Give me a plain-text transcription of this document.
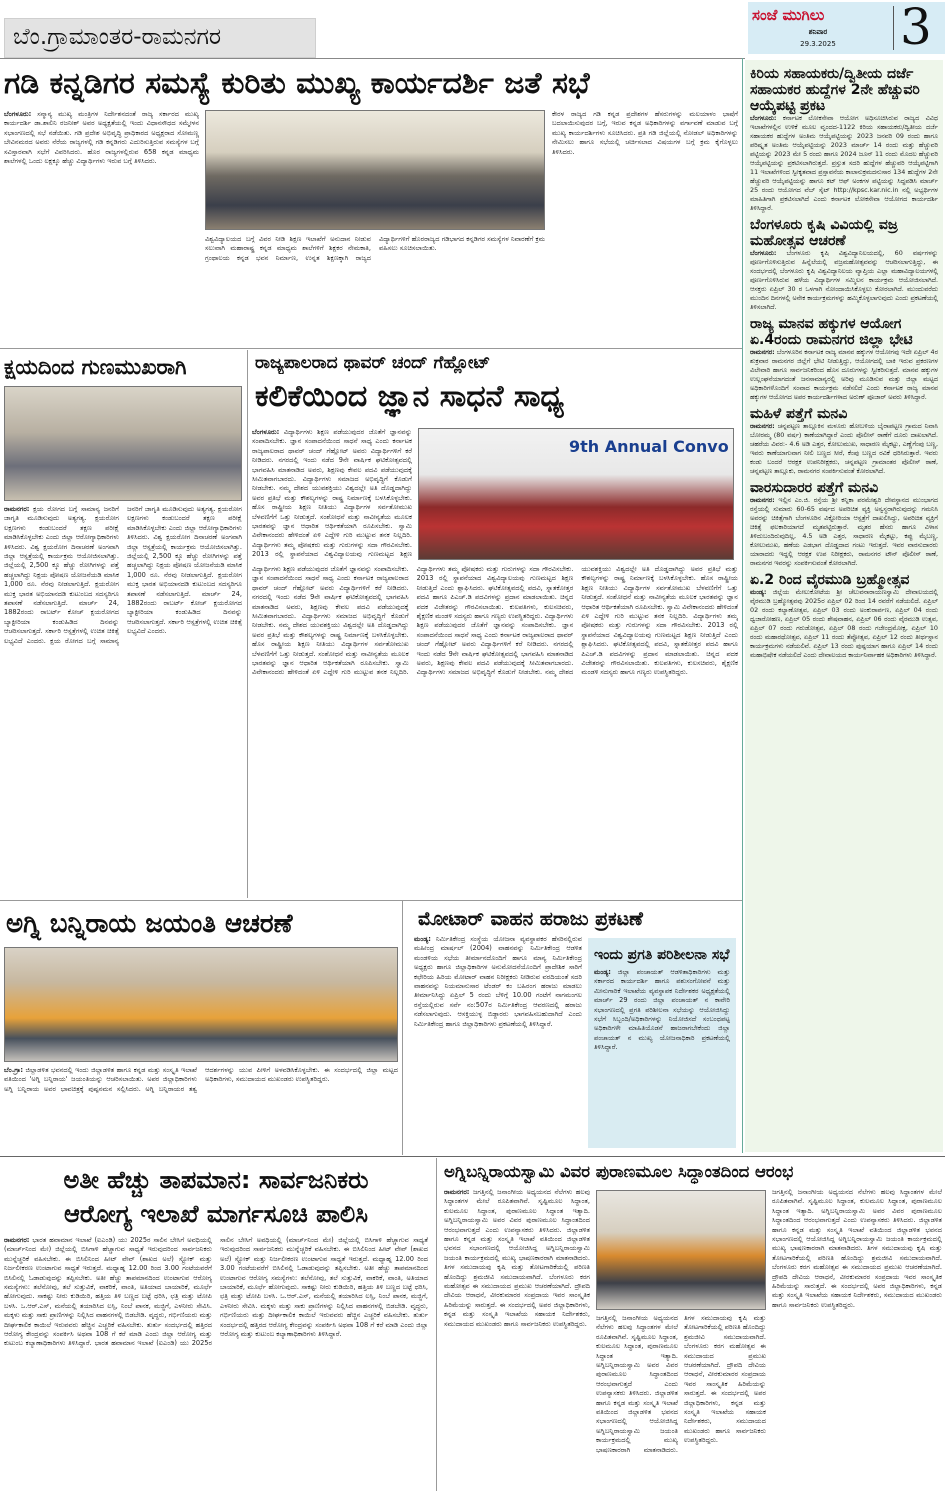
ಬೆಂ.ಗ್ರಾಮಾಂತರ-ರಾಮನಗರ
ಸಂಜೆ ಮುಗಿಲು
ಶನಿವಾರ
29.3.2025	3
ಗಡಿ ಕನ್ನಡಿಗರ ಸಮಸ್ಯೆ ಕುರಿತು ಮುಖ್ಯ ಕಾರ್ಯದರ್ಶಿ ಜತೆ ಸಭೆ
ಬೆಂಗಳೂರು: ಸನ್ಮಾನ್ಯ ಮುಖ್ಯ ಮಂತ್ರಿಗಳ ನಿರ್ದೇಶನದಂತೆ ರಾಜ್ಯ ಸರ್ಕಾರದ ಮುಖ್ಯ ಕಾರ್ಯದರ್ಶಿ ಡಾ.ಶಾಲಿನಿ ರಜನೀಶ್ ಅವರ ಅಧ್ಯಕ್ಷತೆಯಲ್ಲಿ ಇಂದು ವಿಧಾನಸೌಧದ ಸಮ್ಮೇಳನ ಸಭಾಂಗಣದಲ್ಲಿ ಸಭೆ ನಡೆಯಿತು. ಗಡಿ ಪ್ರದೇಶ ಅಭಿವೃದ್ಧಿ ಪ್ರಾಧಿಕಾರದ ಅಧ್ಯಕ್ಷರಾದ ಸೋಮಣ್ಣ ಬೇವಿನಮರದ ಅವರು ನೆರೆಯ ರಾಜ್ಯಗಳಲ್ಲಿ ಗಡಿ ಕನ್ನಡಿಗರು ಎದುರಿಸುತ್ತಿರುವ ಸಮಸ್ಯೆಗಳ ಬಗ್ಗೆ ಸವಿಸ್ತಾರವಾಗಿ ಸಭೆಗೆ ವಿವರಿಸಿದರು. ಹೊರ ರಾಜ್ಯಗಳಲ್ಲಿರುವ 658 ಕನ್ನಡ ಮಾಧ್ಯಮ ಶಾಲೆಗಳಲ್ಲಿ ಒಂದು ಲಕ್ಷಕ್ಕೂ ಹೆಚ್ಚು ವಿದ್ಯಾರ್ಥಿಗಳು ಇರುವ ಬಗ್ಗೆ ತಿಳಿಸಿದರು.
ವಿಶ್ವವಿದ್ಯಾಲಯದ ಬಗ್ಗೆ ವಿವರ ನೀಡಿ ಶಿಕ್ಷಣ ಇಲಾಖೆಗೆ ಅನುದಾನ ನೀಡುವ ಸಲುವಾಗಿ ಮಹಾರಾಷ್ಟ್ರ ಕನ್ನಡ ಮಾಧ್ಯಮ ಶಾಲೆಗಳಿಗೆ ಶಿಕ್ಷಕರ ನೇಮಕಾತಿ, ಗ್ರಂಥಾಲಯ ಕನ್ನಡ ಭವನ ನಿರ್ಮಾಣ, ಉನ್ನತ ಶಿಕ್ಷಣಕ್ಕಾಗಿ ರಾಜ್ಯದ ವಿದ್ಯಾರ್ಥಿಗಳಿಗೆ ಹೊರರಾಜ್ಯದ ಗಡಿಭಾಗದ ಕನ್ನಡಿಗರ ಸಮಸ್ಯೆಗಳ ನಿವಾರಣೆಗೆ ಕ್ರಮ ವಹಿಸಲು ಸೂಚಿಸಲಾಯಿತು.
ಕೇರಳ ರಾಜ್ಯದ ಗಡಿ ಕನ್ನಡ ಪ್ರದೇಶಗಳ ಹೆಸರುಗಳನ್ನು ಮಲಯಾಳಂ ಭಾಷೆಗೆ ಬದಲಾಯಿಸುವುದರ ಬಗ್ಗೆ, ಇರುವ ಕನ್ನಡ ಅಧಿಕಾರಿಗಳನ್ನು ವರ್ಗಾವಣೆ ಮಾಡುವ ಬಗ್ಗೆ ಮುಖ್ಯ ಕಾರ್ಯದರ್ಶಿಗಳು ಸೂಚಿಸಿದರು. ಪ್ರತಿ ಗಡಿ ಜಿಲ್ಲೆಯಲ್ಲಿ ನೋಡಲ್ ಅಧಿಕಾರಿಗಳನ್ನು ನೇಮಿಸಲು ಹಾಗೂ ಸಭೆಯಲ್ಲಿ ಚರ್ಚಿಸಲಾದ ವಿಷಯಗಳ ಬಗ್ಗೆ ಕ್ರಮ ಕೈಗೊಳ್ಳಲು ತಿಳಿಸಿದರು.
ಕಿರಿಯ ಸಹಾಯಕರು/ದ್ವಿತೀಯ ದರ್ಜೆ ಸಹಾಯಕರ ಹುದ್ದೆಗಳ 2ನೇ ಹೆಚ್ಚುವರಿ ಆಯ್ಕೆಪಟ್ಟಿ ಪ್ರಕಟ

ಬೆಂಗಳೂರು: ಕರ್ನಾಟಕ ಲೋಕಸೇವಾ ಆಯೋಗ ಅಧಿಸೂಚಿಸಿರುವ ರಾಜ್ಯದ ವಿವಿಧ ಇಲಾಖೆಗಳಲ್ಲಿನ ಉಳಿಕೆ ಮೂಲ ವೃಂದದ-1122 ಕಿರಿಯ ಸಹಾಯಕರು/ದ್ವಿತೀಯ ದರ್ಜೆ ಸಹಾಯಕರ ಹುದ್ದೆಗಳ ಅಂತಿಮ ಆಯ್ಕೆಪಟ್ಟಿಯನ್ನು 2023 ಜನವರಿ 09 ರಂದು ಹಾಗೂ ಪರಿಷ್ಕೃತ ಅಂತಿಮ ಆಯ್ಕೆಪಟ್ಟಿಯನ್ನು 2023 ಮಾರ್ಚ್ 14 ರಂದು ಮತ್ತು ಹೆಚ್ಚುವರಿ ಪಟ್ಟಿಯನ್ನು 2023 ಮೇ 5 ರಂದು ಹಾಗೂ 2024 ಜೂನ್ 11 ರಂದು ಮೊದಲ ಹೆಚ್ಚುವರಿ ಆಯ್ಕೆಪಟ್ಟಿಯನ್ನು ಪ್ರಕಟಿಸಲಾಗಿರುತ್ತದೆ. ಪ್ರಸ್ತುತ ಸದರಿ ಹುದ್ದೆಗಳ ಹೆಚ್ಚುವರಿ ಆಯ್ಕೆಪಟ್ಟಿಗಾಗಿ 11 ಇಲಾಖೆಗಳಿಂದ ಸ್ವೀಕೃತವಾದ ಪ್ರಸ್ತಾವನೆಯ ಕಾಲಾನುಕ್ರಮದನುಸಾರ 134 ಹುದ್ದೆಗಳ 2ನೇ ಹೆಚ್ಚುವರಿ ಆಯ್ಕೆಪಟ್ಟಿಯನ್ನು ಹಾಗೂ ಕಟ್ ಆಫ್ ಅಂಕಗಳ ಪಟ್ಟಿಯನ್ನು ಸಿದ್ಧಪಡಿಸಿ ಮಾರ್ಚ್ 25 ರಂದು ಆಯೋಗದ ವೆಬ್ ಸೈಟ್ http://kpsc.kar.nic.in ನಲ್ಲಿ ಅಭ್ಯರ್ಥಿಗಳ ಮಾಹಿತಿಗಾಗಿ ಪ್ರಕಟಿಸಲಾಗಿದೆ ಎಂದು ಕರ್ನಾಟಕ ಲೋಕಸೇವಾ ಆಯೋಗದ ಕಾರ್ಯದರ್ಶಿ ತಿಳಿಸಿದ್ದಾರೆ.

ಬೆಂಗಳೂರು ಕೃಷಿ ವಿವಿಯಲ್ಲಿ ವಜ್ರ ಮಹೋತ್ಸವ ಆಚರಣೆ

ಬೆಂಗಳೂರು: ಬೆಂಗಳೂರು ಕೃಷಿ ವಿಶ್ವವಿದ್ಯಾನಿಲಯದಲ್ಲಿ, 60 ವರ್ಷಗಳನ್ನು ಪೂರ್ಣಗೊಳಿಸುತ್ತಿರುವ ಹಿನ್ನೆಲೆಯಲ್ಲಿ ವಜ್ರಮಹೋತ್ಸವವನ್ನು ಆಚರಿಸಲಾಗುತ್ತಿದ್ದು, ಈ ಸಂದರ್ಭದಲ್ಲಿ ಬೆಂಗಳೂರು ಕೃಷಿ ವಿಶ್ವವಿದ್ಯಾನಿಲಯ ವ್ಯಾಪ್ತಿಯ ಎಲ್ಲಾ ಮಹಾವಿದ್ಯಾಲಯಗಳಲ್ಲಿ ಪೂರ್ಣಗೊಳಿಸಿರುವ ಹಳೆಯ ವಿದ್ಯಾರ್ಥಿಗಳ ಸಮ್ಮಿಲನ ಕಾರ್ಯಕ್ರಮ ಆಯೋಜಿಸಲಾಗಿದೆ. ಆಸಕ್ತರು ಏಪ್ರಿಲ್ 30 ರ ಒಳಗಾಗಿ ನೋಂದಾಯಿಸಿಕೊಳ್ಳಲು ಕೋರಲಾಗಿದೆ. ಮುಂದುವರೆದು ಮುಂದಿನ ದಿನಗಳಲ್ಲಿ ಅನೇಕ ಕಾರ್ಯಕ್ರಮಗಳನ್ನು ಹಮ್ಮಿಕೊಳ್ಳಲಾಗುವುದು ಎಂದು ಪ್ರಕಟಣೆಯಲ್ಲಿ ತಿಳಿಸಲಾಗಿದೆ.

ರಾಜ್ಯ ಮಾನವ ಹಕ್ಕುಗಳ ಆಯೋಗ ಏ.4ರಂದು ರಾಮನಗರ ಜಿಲ್ಲಾ ಭೇಟಿ

ರಾಮನಗರ: ಬೆಂಗಳೂರಿನ ಕರ್ನಾಟಕ ರಾಜ್ಯ ಮಾನವ ಹಕ್ಕುಗಳ ಆಯೋಗವು ಇದೇ ಏಪ್ರಿಲ್ 4ರ ಶುಕ್ರವಾರ ರಾಮನಗರ ಜಿಲ್ಲೆಗೆ ಭೇಟಿ ನೀಡುತ್ತಿದ್ದು, ಆಯೋಗದಲ್ಲಿ ಬಾಕಿ ಇರುವ ಪ್ರಕರಣಗಳ ವಿಲೇವಾರಿ ಹಾಗೂ ಸಾರ್ವಜನಿಕರಿಂದ ಹೊಸ ದೂರುಗಳನ್ನು ಸ್ವೀಕರಿಸುತ್ತದೆ. ಮಾನವ ಹಕ್ಕುಗಳ ಉಲ್ಲಂಘನೆಯಾಗದಂತೆ ಜನಸಾಮಾನ್ಯರಲ್ಲಿ ಅರಿವು ಮೂಡಿಸುವ ಮತ್ತು ಜಿಲ್ಲಾ ಮಟ್ಟದ ಅಧಿಕಾರಿಗಳೊಂದಿಗೆ ಸಂವಾದ ಕಾರ್ಯಕ್ರಮ ನಡೆಸಲಿದೆ ಎಂದು ಕರ್ನಾಟಕ ರಾಜ್ಯ ಮಾನವ ಹಕ್ಕುಗಳ ಆಯೋಗದ ಅಪರ ಕಾರ್ಯದರ್ಶಿಗಳಾದ ಅರುಣ್ ಪೂಜಾರ್ ಅವರು ತಿಳಿಸಿದ್ದಾರೆ.

ಮಹಿಳೆ ಪತ್ತೆಗೆ ಮನವಿ

ರಾಮನಗರ: ಚನ್ನಪಟ್ಟಣ ತಾಲ್ಲೂಕಿನ ಮಳೂರು ಹೋಬಳಿಯ ಬೈರಾಪಟ್ಟಣ ಗ್ರಾಮದ ನಿವಾಸಿ ಬೋರಮ್ಮ (80 ವರ್ಷ) ಕಾಣೆಯಾಗಿದ್ದಾರೆ ಎಂದು ಪೊಲೀಸ್ ಠಾಣೆಗೆ ದೂರು ದಾಖಲಾಗಿದೆ. ಚಹರೆಯ ವಿವರ:- 4.6 ಅಡಿ ಎತ್ತರ, ಕೋಲುಮುಖ, ಸಾಧಾರಣ ಮೈಕಟ್ಟು, ಎಣ್ಣೆಗೆಂಪು ಬಣ್ಣ, ಇವರು ಕಾಣೆಯಾಗುವಾಗ ನೀಲಿ ಬಣ್ಣದ ಸೀರೆ, ಕೆಂಪು ಬಣ್ಣದ ರವಿಕೆ ಧರಿಸಿರುತ್ತಾರೆ. ಇವರು ಕಂಡು ಬಂದರೆ ಆರಕ್ಷಕ ಉಪನಿರೀಕ್ಷಕರು, ಚನ್ನಪಟ್ಟಣ ಗ್ರಾಮಾಂತರ ಪೊಲೀಸ್ ಠಾಣೆ, ಚನ್ನಪಟ್ಟಣ ತಾಲ್ಲೂಕು, ರಾಮನಗರ ಸಂಪರ್ಕಿಸುವಂತೆ ಕೋರಲಾಗಿದೆ.

ವಾರಸುದಾರರ ಪತ್ತೆಗೆ ಮನವಿ

ರಾಮನಗರ: ಇಲ್ಲಿನ ಎಂ.ಜಿ. ರಸ್ತೆಯ ಶ್ರೀ ಕನ್ನಿಕಾ ಪರಮೇಶ್ವರಿ ದೇವಸ್ಥಾನದ ಮುಂಭಾಗದ ರಸ್ತೆಯಲ್ಲಿ ಸುಮಾರು 60-65 ವರ್ಷದ ಅಪರಿಚಿತ ವ್ಯಕ್ತಿ ಅಸ್ವಸ್ಥರಾಗಿರುವುದನ್ನು ಗಮನಿಸಿ ಅವರನ್ನು ಚಿಕಿತ್ಸೆಗಾಗಿ ಬೆಂಗಳೂರಿನ ವಿಕ್ಟೋರಿಯಾ ಆಸ್ಪತ್ರೆಗೆ ದಾಖಲಿಸಿದ್ದು, ಅಪರಿಚಿತ ವ್ಯಕ್ತಿಗೆ ಚಿಕಿತ್ಸೆ ಫಲಕಾರಿಯಾಗದೆ ಮೃತಪಟ್ಟಿರುತ್ತಾರೆ. ಮೃತರ ಹೆಸರು ಹಾಗೂ ವಿಳಾಸ ತಿಳಿದುಬಂದಿರುವುದಿಲ್ಲ, 4.5 ಅಡಿ ಎತ್ತರ, ಸಾಧಾರಣ ಮೈಕಟ್ಟು, ಕಪ್ಪು ಮೈಬಣ್ಣ, ಕೋಲುಮುಖ, ಹಣೆಯ ಎಡಭಾಗ ದೊಡ್ಡದಾದ ಗಂಟು ಇರುತ್ತದೆ. ಇವರ ವಾರಸುದಾರರು ಯಾರಾದರು ಇದ್ದಲ್ಲಿ ಆರಕ್ಷಕ ಉಪ ನಿರೀಕ್ಷಕರು, ರಾಮನಗರ ಟೌನ್ ಪೊಲೀಸ್ ಠಾಣೆ, ರಾಮನಗರ ಇವರನ್ನು ಸಂಪರ್ಕಿಸುವಂತೆ ಕೋರಲಾಗಿದೆ.

ಏ.2 ರಿಂದ ವೈರಮುಡಿ ಬ್ರಹ್ಮೋತ್ಸವ

ಮಂಡ್ಯ: ಜಿಲ್ಲೆಯ ಮೇಲುಕೋಟೆಯ ಶ್ರೀ ಚೆಲುವನಾರಾಯಣಸ್ವಾಮಿ ದೇವಾಲಯದಲ್ಲಿ ವೈರಮುಡಿ ಬ್ರಹ್ಮೋತ್ಸವವು 2025ರ ಏಪ್ರಿಲ್ 02 ರಿಂದ 14 ರವರೆಗೆ ನಡೆಯಲಿದೆ. ಏಪ್ರಿಲ್ 02 ರಂದು ಕಲ್ಯಾಣೋತ್ಸವ, ಏಪ್ರಿಲ್ 03 ರಂದು ಅಂಕುರಾರ್ಪಣ, ಏಪ್ರಿಲ್ 04 ರಂದು ಧ್ವಜಾರೋಹಣ, ಏಪ್ರಿಲ್ 05 ರಂದು ಶೇಷವಾಹನ, ಏಪ್ರಿಲ್ 06 ರಂದು ವೈರಮುಡಿ ಉತ್ಸವ, ಏಪ್ರಿಲ್ 07 ರಂದು ಗರುಡೋತ್ಸವ, ಏಪ್ರಿಲ್ 08 ರಂದು ಗಜೇಂದ್ರಮೋಕ್ಷ, ಏಪ್ರಿಲ್ 10 ರಂದು ಮಹಾರಥೋತ್ಸವ, ಏಪ್ರಿಲ್ 11 ರಂದು ತೆಪ್ಪೋತ್ಸವ, ಏಪ್ರಿಲ್ 12 ರಂದು ತೀರ್ಥಸ್ನಾನ ಕಾರ್ಯಕ್ರಮಗಳು ನಡೆಯಲಿವೆ. ಏಪ್ರಿಲ್ 13 ರಂದು ಪುಷ್ಪಯಾಗ ಹಾಗೂ ಏಪ್ರಿಲ್ 14 ರಂದು ಮಹಾಭಿಷೇಕ ನಡೆಯಲಿದೆ ಎಂದು ದೇವಾಲಯದ ಕಾರ್ಯನಿರ್ವಾಹಕ ಅಧಿಕಾರಿಗಳು ತಿಳಿಸಿದ್ದಾರೆ.

ಕ್ಷಯದಿಂದ ಗುಣಮುಖರಾಗಿ
ರಾಮನಗರ: ಕ್ಷಯ ರೋಗದ ಬಗ್ಗೆ ಸಾಮಾನ್ಯ ಜನರಿಗೆ ಜಾಗೃತಿ ಮೂಡಿಸುವುದು ಅತ್ಯಗತ್ಯ. ಕ್ಷಯರೋಗ ಲಕ್ಷಣಗಳು ಕಂಡುಬಂದರೆ ತಕ್ಷಣ ಪರೀಕ್ಷೆ ಮಾಡಿಸಿಕೊಳ್ಳಬೇಕು ಎಂದು ಜಿಲ್ಲಾ ಆರೋಗ್ಯಾಧಿಕಾರಿಗಳು ತಿಳಿಸಿದರು. ವಿಶ್ವ ಕ್ಷಯರೋಗ ದಿನಾಚರಣೆ ಅಂಗವಾಗಿ ಜಿಲ್ಲಾ ಆಸ್ಪತ್ರೆಯಲ್ಲಿ ಕಾರ್ಯಕ್ರಮ ಆಯೋಜಿಸಲಾಗಿತ್ತು. ಜಿಲ್ಲೆಯಲ್ಲಿ 2,500 ಕ್ಕೂ ಹೆಚ್ಚು ರೋಗಿಗಳನ್ನು ಪತ್ತೆ ಹಚ್ಚಲಾಗಿದ್ದು ನಿಕ್ಷಯ ಪೋಷಣ ಯೋಜನೆಯಡಿ ಮಾಸಿಕ 1,000 ರೂ. ನೆರವು ನೀಡಲಾಗುತ್ತಿದೆ. ಕ್ಷಯರೋಗ ಮುಕ್ತ ಭಾರತ ಅಭಿಯಾನದಡಿ ಕುಟುಂಬದ ಸದಸ್ಯರಿಗೂ ತಪಾಸಣೆ ನಡೆಸಲಾಗುತ್ತಿದೆ. ಮಾರ್ಚ್ 24, 1882ರಂದು ರಾಬರ್ಟ್ ಕೋಚ್ ಕ್ಷಯರೋಗದ ಬ್ಯಾಕ್ಟೀರಿಯಾ ಕಂಡುಹಿಡಿದ ದಿನವನ್ನು ಆಚರಿಸಲಾಗುತ್ತದೆ. ಸರ್ಕಾರಿ ಆಸ್ಪತ್ರೆಗಳಲ್ಲಿ ಉಚಿತ ಚಿಕಿತ್ಸೆ ಲಭ್ಯವಿದೆ ಎಂದರು. ಕ್ಷಯ ರೋಗದ ಬಗ್ಗೆ ಸಾಮಾನ್ಯ ಜನರಿಗೆ ಜಾಗೃತಿ ಮೂಡಿಸುವುದು ಅತ್ಯಗತ್ಯ. ಕ್ಷಯರೋಗ ಲಕ್ಷಣಗಳು ಕಂಡುಬಂದರೆ ತಕ್ಷಣ ಪರೀಕ್ಷೆ ಮಾಡಿಸಿಕೊಳ್ಳಬೇಕು ಎಂದು ಜಿಲ್ಲಾ ಆರೋಗ್ಯಾಧಿಕಾರಿಗಳು ತಿಳಿಸಿದರು. ವಿಶ್ವ ಕ್ಷಯರೋಗ ದಿನಾಚರಣೆ ಅಂಗವಾಗಿ ಜಿಲ್ಲಾ ಆಸ್ಪತ್ರೆಯಲ್ಲಿ ಕಾರ್ಯಕ್ರಮ ಆಯೋಜಿಸಲಾಗಿತ್ತು. ಜಿಲ್ಲೆಯಲ್ಲಿ 2,500 ಕ್ಕೂ ಹೆಚ್ಚು ರೋಗಿಗಳನ್ನು ಪತ್ತೆ ಹಚ್ಚಲಾಗಿದ್ದು ನಿಕ್ಷಯ ಪೋಷಣ ಯೋಜನೆಯಡಿ ಮಾಸಿಕ 1,000 ರೂ. ನೆರವು ನೀಡಲಾಗುತ್ತಿದೆ. ಕ್ಷಯರೋಗ ಮುಕ್ತ ಭಾರತ ಅಭಿಯಾನದಡಿ ಕುಟುಂಬದ ಸದಸ್ಯರಿಗೂ ತಪಾಸಣೆ ನಡೆಸಲಾಗುತ್ತಿದೆ. ಮಾರ್ಚ್ 24, 1882ರಂದು ರಾಬರ್ಟ್ ಕೋಚ್ ಕ್ಷಯರೋಗದ ಬ್ಯಾಕ್ಟೀರಿಯಾ ಕಂಡುಹಿಡಿದ ದಿನವನ್ನು ಆಚರಿಸಲಾಗುತ್ತದೆ. ಸರ್ಕಾರಿ ಆಸ್ಪತ್ರೆಗಳಲ್ಲಿ ಉಚಿತ ಚಿಕಿತ್ಸೆ ಲಭ್ಯವಿದೆ ಎಂದರು.
ರಾಜ್ಯಪಾಲರಾದ ಥಾವರ್ ಚಂದ್ ಗೆಹ್ಲೋಟ್
ಕಲಿಕೆಯಿಂದ ಜ್ಞಾನ ಸಾಧನೆ ಸಾಧ್ಯ
ಬೆಂಗಳೂರು: ವಿದ್ಯಾರ್ಥಿಗಳು ಶಿಕ್ಷಣ ಪಡೆಯುವುದರ ಜೊತೆಗೆ ಜ್ಞಾನವನ್ನು ಸಂಪಾದಿಸಬೇಕು. ಜ್ಞಾನ ಸಂಪಾದನೆಯಿಂದ ಸಾಧನೆ ಸಾಧ್ಯ ಎಂದು ಕರ್ನಾಟಕ ರಾಜ್ಯಪಾಲರಾದ ಥಾವರ್ ಚಂದ್ ಗೆಹ್ಲೋಟ್ ಅವರು ವಿದ್ಯಾರ್ಥಿಗಳಿಗೆ ಕರೆ ನೀಡಿದರು. ನಗರದಲ್ಲಿ ಇಂದು ನಡೆದ 9ನೇ ವಾರ್ಷಿಕ ಘಟಿಕೋತ್ಸವದಲ್ಲಿ ಭಾಗವಹಿಸಿ ಮಾತನಾಡಿದ ಅವರು, ಶಿಕ್ಷಣವು ಕೇವಲ ಪದವಿ ಪಡೆಯುವುದಕ್ಕೆ ಸೀಮಿತವಾಗಬಾರದು. ವಿದ್ಯಾರ್ಥಿಗಳು ಸಮಾಜದ ಅಭಿವೃದ್ಧಿಗೆ ಕೊಡುಗೆ ನೀಡಬೇಕು. ನಮ್ಮ ದೇಶದ ಯುವಶಕ್ತಿಯು ವಿಶ್ವದಲ್ಲೇ ಅತಿ ದೊಡ್ಡದಾಗಿದ್ದು ಅವರ ಪ್ರತಿಭೆ ಮತ್ತು ಕೌಶಲ್ಯಗಳನ್ನು ರಾಷ್ಟ್ರ ನಿರ್ಮಾಣಕ್ಕೆ ಬಳಸಿಕೊಳ್ಳಬೇಕು. ಹೊಸ ರಾಷ್ಟ್ರೀಯ ಶಿಕ್ಷಣ ನೀತಿಯು ವಿದ್ಯಾರ್ಥಿಗಳ ಸರ್ವತೋಮುಖ ಬೆಳವಣಿಗೆಗೆ ಒತ್ತು ನೀಡುತ್ತದೆ. ಸಂಶೋಧನೆ ಮತ್ತು ನಾವೀನ್ಯತೆಯ ಮೂಲಕ ಭಾರತವನ್ನು ಜ್ಞಾನ ಆಧಾರಿತ ಆರ್ಥಿಕತೆಯಾಗಿ ರೂಪಿಸಬೇಕು. ಸ್ವಾಮಿ ವಿವೇಕಾನಂದರು ಹೇಳಿದಂತೆ ಏಳಿ ಎದ್ದೇಳಿ ಗುರಿ ಮುಟ್ಟುವ ತನಕ ನಿಲ್ಲದಿರಿ. ವಿದ್ಯಾರ್ಥಿಗಳು ತಮ್ಮ ಪೋಷಕರು ಮತ್ತು ಗುರುಗಳನ್ನು ಸದಾ ಗೌರವಿಸಬೇಕು. 2013 ರಲ್ಲಿ ಸ್ಥಾಪನೆಯಾದ ವಿಶ್ವವಿದ್ಯಾಲಯವು ಗುಣಮಟ್ಟದ ಶಿಕ್ಷಣ
9th Annual Convo
ವಿದ್ಯಾರ್ಥಿಗಳು ಶಿಕ್ಷಣ ಪಡೆಯುವುದರ ಜೊತೆಗೆ ಜ್ಞಾನವನ್ನು ಸಂಪಾದಿಸಬೇಕು. ಜ್ಞಾನ ಸಂಪಾದನೆಯಿಂದ ಸಾಧನೆ ಸಾಧ್ಯ ಎಂದು ಕರ್ನಾಟಕ ರಾಜ್ಯಪಾಲರಾದ ಥಾವರ್ ಚಂದ್ ಗೆಹ್ಲೋಟ್ ಅವರು ವಿದ್ಯಾರ್ಥಿಗಳಿಗೆ ಕರೆ ನೀಡಿದರು. ನಗರದಲ್ಲಿ ಇಂದು ನಡೆದ 9ನೇ ವಾರ್ಷಿಕ ಘಟಿಕೋತ್ಸವದಲ್ಲಿ ಭಾಗವಹಿಸಿ ಮಾತನಾಡಿದ ಅವರು, ಶಿಕ್ಷಣವು ಕೇವಲ ಪದವಿ ಪಡೆಯುವುದಕ್ಕೆ ಸೀಮಿತವಾಗಬಾರದು. ವಿದ್ಯಾರ್ಥಿಗಳು ಸಮಾಜದ ಅಭಿವೃದ್ಧಿಗೆ ಕೊಡುಗೆ ನೀಡಬೇಕು. ನಮ್ಮ ದೇಶದ ಯುವಶಕ್ತಿಯು ವಿಶ್ವದಲ್ಲೇ ಅತಿ ದೊಡ್ಡದಾಗಿದ್ದು ಅವರ ಪ್ರತಿಭೆ ಮತ್ತು ಕೌಶಲ್ಯಗಳನ್ನು ರಾಷ್ಟ್ರ ನಿರ್ಮಾಣಕ್ಕೆ ಬಳಸಿಕೊಳ್ಳಬೇಕು. ಹೊಸ ರಾಷ್ಟ್ರೀಯ ಶಿಕ್ಷಣ ನೀತಿಯು ವಿದ್ಯಾರ್ಥಿಗಳ ಸರ್ವತೋಮುಖ ಬೆಳವಣಿಗೆಗೆ ಒತ್ತು ನೀಡುತ್ತದೆ. ಸಂಶೋಧನೆ ಮತ್ತು ನಾವೀನ್ಯತೆಯ ಮೂಲಕ ಭಾರತವನ್ನು ಜ್ಞಾನ ಆಧಾರಿತ ಆರ್ಥಿಕತೆಯಾಗಿ ರೂಪಿಸಬೇಕು. ಸ್ವಾಮಿ ವಿವೇಕಾನಂದರು ಹೇಳಿದಂತೆ ಏಳಿ ಎದ್ದೇಳಿ ಗುರಿ ಮುಟ್ಟುವ ತನಕ ನಿಲ್ಲದಿರಿ. ವಿದ್ಯಾರ್ಥಿಗಳು ತಮ್ಮ ಪೋಷಕರು ಮತ್ತು ಗುರುಗಳನ್ನು ಸದಾ ಗೌರವಿಸಬೇಕು. 2013 ರಲ್ಲಿ ಸ್ಥಾಪನೆಯಾದ ವಿಶ್ವವಿದ್ಯಾಲಯವು ಗುಣಮಟ್ಟದ ಶಿಕ್ಷಣ ನೀಡುತ್ತಿದೆ ಎಂದು ಶ್ಲಾಘಿಸಿದರು. ಘಟಿಕೋತ್ಸವದಲ್ಲಿ ಪದವಿ, ಸ್ನಾತಕೋತ್ತರ ಪದವಿ ಹಾಗೂ ಪಿಎಚ್.ಡಿ ಪದವಿಗಳನ್ನು ಪ್ರದಾನ ಮಾಡಲಾಯಿತು. ಚಿನ್ನದ ಪದಕ ವಿಜೇತರನ್ನು ಗೌರವಿಸಲಾಯಿತು. ಕುಲಪತಿಗಳು, ಕುಲಸಚಿವರು, ಶೈಕ್ಷಣಿಕ ಮಂಡಳಿ ಸದಸ್ಯರು ಹಾಗೂ ಗಣ್ಯರು ಉಪಸ್ಥಿತರಿದ್ದರು. ವಿದ್ಯಾರ್ಥಿಗಳು ಶಿಕ್ಷಣ ಪಡೆಯುವುದರ ಜೊತೆಗೆ ಜ್ಞಾನವನ್ನು ಸಂಪಾದಿಸಬೇಕು. ಜ್ಞಾನ ಸಂಪಾದನೆಯಿಂದ ಸಾಧನೆ ಸಾಧ್ಯ ಎಂದು ಕರ್ನಾಟಕ ರಾಜ್ಯಪಾಲರಾದ ಥಾವರ್ ಚಂದ್ ಗೆಹ್ಲೋಟ್ ಅವರು ವಿದ್ಯಾರ್ಥಿಗಳಿಗೆ ಕರೆ ನೀಡಿದರು. ನಗರದಲ್ಲಿ ಇಂದು ನಡೆದ 9ನೇ ವಾರ್ಷಿಕ ಘಟಿಕೋತ್ಸವದಲ್ಲಿ ಭಾಗವಹಿಸಿ ಮಾತನಾಡಿದ ಅವರು, ಶಿಕ್ಷಣವು ಕೇವಲ ಪದವಿ ಪಡೆಯುವುದಕ್ಕೆ ಸೀಮಿತವಾಗಬಾರದು. ವಿದ್ಯಾರ್ಥಿಗಳು ಸಮಾಜದ ಅಭಿವೃದ್ಧಿಗೆ ಕೊಡುಗೆ ನೀಡಬೇಕು. ನಮ್ಮ ದೇಶದ ಯುವಶಕ್ತಿಯು ವಿಶ್ವದಲ್ಲೇ ಅತಿ ದೊಡ್ಡದಾಗಿದ್ದು ಅವರ ಪ್ರತಿಭೆ ಮತ್ತು ಕೌಶಲ್ಯಗಳನ್ನು ರಾಷ್ಟ್ರ ನಿರ್ಮಾಣಕ್ಕೆ ಬಳಸಿಕೊಳ್ಳಬೇಕು. ಹೊಸ ರಾಷ್ಟ್ರೀಯ ಶಿಕ್ಷಣ ನೀತಿಯು ವಿದ್ಯಾರ್ಥಿಗಳ ಸರ್ವತೋಮುಖ ಬೆಳವಣಿಗೆಗೆ ಒತ್ತು ನೀಡುತ್ತದೆ. ಸಂಶೋಧನೆ ಮತ್ತು ನಾವೀನ್ಯತೆಯ ಮೂಲಕ ಭಾರತವನ್ನು ಜ್ಞಾನ ಆಧಾರಿತ ಆರ್ಥಿಕತೆಯಾಗಿ ರೂಪಿಸಬೇಕು. ಸ್ವಾಮಿ ವಿವೇಕಾನಂದರು ಹೇಳಿದಂತೆ ಏಳಿ ಎದ್ದೇಳಿ ಗುರಿ ಮುಟ್ಟುವ ತನಕ ನಿಲ್ಲದಿರಿ. ವಿದ್ಯಾರ್ಥಿಗಳು ತಮ್ಮ ಪೋಷಕರು ಮತ್ತು ಗುರುಗಳನ್ನು ಸದಾ ಗೌರವಿಸಬೇಕು. 2013 ರಲ್ಲಿ ಸ್ಥಾಪನೆಯಾದ ವಿಶ್ವವಿದ್ಯಾಲಯವು ಗುಣಮಟ್ಟದ ಶಿಕ್ಷಣ ನೀಡುತ್ತಿದೆ ಎಂದು ಶ್ಲಾಘಿಸಿದರು. ಘಟಿಕೋತ್ಸವದಲ್ಲಿ ಪದವಿ, ಸ್ನಾತಕೋತ್ತರ ಪದವಿ ಹಾಗೂ ಪಿಎಚ್.ಡಿ ಪದವಿಗಳನ್ನು ಪ್ರದಾನ ಮಾಡಲಾಯಿತು. ಚಿನ್ನದ ಪದಕ ವಿಜೇತರನ್ನು ಗೌರವಿಸಲಾಯಿತು. ಕುಲಪತಿಗಳು, ಕುಲಸಚಿವರು, ಶೈಕ್ಷಣಿಕ ಮಂಡಳಿ ಸದಸ್ಯರು ಹಾಗೂ ಗಣ್ಯರು ಉಪಸ್ಥಿತರಿದ್ದರು.
ಅಗ್ನಿ ಬನ್ನಿರಾಯ ಜಯಂತಿ ಆಚರಣೆ
ಬೆಂ.ಗ್ರಾ: ಜಿಲ್ಲಾಡಳಿತ ಭವನದಲ್ಲಿ ಇಂದು ಜಿಲ್ಲಾಡಳಿತ ಹಾಗೂ ಕನ್ನಡ ಮತ್ತು ಸಂಸ್ಕೃತಿ ಇಲಾಖೆ ವತಿಯಿಂದ 'ಅಗ್ನಿ ಬನ್ನಿರಾಯ' ಜಯಂತಿಯನ್ನು ಆಚರಿಸಲಾಯಿತು. ಅಪರ ಜಿಲ್ಲಾಧಿಕಾರಿಗಳು ಅಗ್ನಿ ಬನ್ನಿರಾಯ ಅವರ ಭಾವಚಿತ್ರಕ್ಕೆ ಪುಷ್ಪನಮನ ಸಲ್ಲಿಸಿದರು. ಅಗ್ನಿ ಬನ್ನಿರಾಯರ ತತ್ವ ಆದರ್ಶಗಳನ್ನು ಯುವ ಪೀಳಿಗೆ ಅಳವಡಿಸಿಕೊಳ್ಳಬೇಕು. ಈ ಸಂದರ್ಭದಲ್ಲಿ ಜಿಲ್ಲಾ ಮಟ್ಟದ ಅಧಿಕಾರಿಗಳು, ಸಮುದಾಯದ ಮುಖಂಡರು ಉಪಸ್ಥಿತರಿದ್ದರು.
ಮೋಟಾರ್ ವಾಹನ ಹರಾಜು ಪ್ರಕಟಣೆ
ಮಂಡ್ಯ: ನಿರ್ಮಿತಿಕೇಂದ್ರ ಸಂಸ್ಥೆಯ ಯೋಜನಾ ವ್ಯವಸ್ಥಾಪಕರ ಹೆಸರಿನಲ್ಲಿರುವ ಮಹೀಂದ್ರ ಮಾರ್ಷಲ್ (2004) ವಾಹನವನ್ನು ನಿರ್ಮಿತಿಕೇಂದ್ರ ಆಡಳಿತ ಮಂಡಳಿಯ ಸಭೆಯ ತೀರ್ಮಾನದೊಂದಿಗೆ ಹಾಗೂ ಮಾನ್ಯ ನಿರ್ಮಿತಿಕೇಂದ್ರ ಅಧ್ಯಕ್ಷರು ಹಾಗೂ ಜಿಲ್ಲಾಧಿಕಾರಿಗಳ ಅನುಮೋದನೆಯೊಂದಿಗೆ ಪ್ರಾದೇಶಿಕ ಸಾರಿಗೆ ಕಛೇರಿಯ ಹಿರಿಯ ಮೋಟಾರ್ ವಾಹನ ನಿರೀಕ್ಷಕರು ನೀಡಿರುವ ವರದಿಯಂತೆ ಸದರಿ ವಾಹನವನ್ನು ನಿಯಮಾನುಸಾರ ಟೆಂಡರ್ ಕಂ ಬಹಿರಂಗ ಹರಾಜು ಮಾಡಲು ತೀರ್ಮಾನಿಸಿದ್ದು ಏಪ್ರಿಲ್ 5 ರಂದು ಬೆಳಿಗ್ಗೆ 10.00 ಗಂಟೆಗೆ ನಾಗಮಂಗಲ ರಸ್ತೆಯಲ್ಲಿರುವ ಸರ್ವೆ ನಂ:507ರ ನಿರ್ಮಿತಿಕೇಂದ್ರ ಆವರಣದಲ್ಲಿ ಹರಾಜು ನಡೆಸಲಾಗುವುದು. ಆಸಕ್ತಿಯುಳ್ಳ ಬಿಡ್ದಾರರು ಭಾಗವಹಿಸಬಹುದಾಗಿದೆ ಎಂದು ನಿರ್ಮಿತಿಕೇಂದ್ರ ಹಾಗೂ ಜಿಲ್ಲಾಧಿಕಾರಿಗಳು ಪ್ರಕಟಣೆಯಲ್ಲಿ ತಿಳಿಸಿದ್ದಾರೆ.
ಇಂದು ಪ್ರಗತಿ ಪರಿಶೀಲನಾ ಸಭೆ
ಮಂಡ್ಯ: ಜಿಲ್ಲಾ ಪಂಚಾಯತ್ ಆಡಳಿತಾಧಿಕಾರಿಗಳು ಮತ್ತು ಸರ್ಕಾರದ ಕಾರ್ಯದರ್ಶಿ ಹಾಗೂ ಪಶುಸಂಗೋಪನೆ ಮತ್ತು ಮೀನುಗಾರಿಕೆ ಇಲಾಖೆಯ ವ್ಯವಸ್ಥಾಪಕ ನಿರ್ದೇಶಕರ ಅಧ್ಯಕ್ಷತೆಯಲ್ಲಿ ಮಾರ್ಚ್ 29 ರಂದು ಜಿಲ್ಲಾ ಪಂಚಾಯತ್ ನ ಕಾವೇರಿ ಸಭಾಂಗಣದಲ್ಲಿ ಪ್ರಗತಿ ಪರಿಶೀಲನಾ ಸಭೆಯನ್ನು ಆಯೋಜಿಸಿದ್ದು ಸಭೆಗೆ ಸಿಬ್ಬಂದಿ/ಅಧಿಕಾರಿಗಳನ್ನು ನಿಯೋಜಿಸದೆ ಸಂಬಂಧಪಟ್ಟ ಅಧಿಕಾರಿಗಳೇ ಮಾಹಿತಿಯೊಡನೆ ಹಾಜರಾಗಬೇಕೆಂದು ಜಿಲ್ಲಾ ಪಂಚಾಯತ್ ನ ಮುಖ್ಯ ಯೋಜನಾಧಿಕಾರಿ ಪ್ರಕಟಣೆಯಲ್ಲಿ ತಿಳಿಸಿದ್ದಾರೆ.
ಅತೀ ಹೆಚ್ಚು ತಾಪಮಾನ: ಸಾರ್ವಜನಿಕರು
ಆರೋಗ್ಯ ಇಲಾಖೆ ಮಾರ್ಗಸೂಚಿ ಪಾಲಿಸಿ
ರಾಮನಗರ: ಭಾರತ ಹವಾಮಾನ ಇಲಾಖೆ (ಐಎಂಡಿ) ಯು 2025ರ ಸಾಲಿನ ಬೇಸಿಗೆ ಅವಧಿಯಲ್ಲಿ (ಮಾರ್ಚ್‌ನಿಂದ ಮೇ) ಜಿಲ್ಲೆಯಲ್ಲಿ ಬಿಸಿಗಾಳಿ ಹೆಚ್ಚಾಗುವ ಸಾಧ್ಯತೆ ಇರುವುದರಿಂದ ಸಾರ್ವಜನಿಕರು ಮುನ್ನೆಚ್ಚರಿಕೆ ವಹಿಸಬೇಕು. ಈ ಬಿಸಿಲಿನಿಂದ ಹೀಟ್ ವೇವ್ (ಶಾಖದ ಅಲೆ) ಸ್ಟ್ರೋಕ್ ಮತ್ತು ನಿರ್ಜಲೀಕರಣ ಉಂಟಾಗುವ ಸಾಧ್ಯತೆ ಇರುತ್ತದೆ. ಮಧ್ಯಾಹ್ನ 12.00 ರಿಂದ 3.00 ಗಂಟೆಯವರೆಗೆ ಬಿಸಿಲಿನಲ್ಲಿ ಓಡಾಡುವುದನ್ನು ತಪ್ಪಿಸಬೇಕು. ಅತೀ ಹೆಚ್ಚು ತಾಪಮಾನದಿಂದ ಉಂಟಾಗುವ ಆರೋಗ್ಯ ಸಮಸ್ಯೆಗಳು: ತಲೆನೋವು, ತಲೆ ಸುತ್ತುವಿಕೆ, ವಾಕರಿಕೆ, ವಾಂತಿ, ಅತಿಯಾದ ಬಾಯಾರಿಕೆ, ಮೂರ್ಛೆ ಹೋಗುವುದು. ಸಾಕಷ್ಟು ನೀರು ಕುಡಿಯಿರಿ, ಹತ್ತಿಯ ತಿಳಿ ಬಣ್ಣದ ಬಟ್ಟೆ ಧರಿಸಿ, ಛತ್ರಿ ಮತ್ತು ಟೋಪಿ ಬಳಸಿ. ಒ.ಆರ್.ಎಸ್, ಮನೆಯಲ್ಲಿ ತಯಾರಿಸಿದ ಲಸ್ಸಿ, ನಿಂಬೆ ಪಾನಕ, ಮಜ್ಜಿಗೆ, ಎಳನೀರು ಸೇವಿಸಿ. ಮಕ್ಕಳು ಮತ್ತು ಸಾಕು ಪ್ರಾಣಿಗಳನ್ನು ನಿಲ್ಲಿಸಿದ ವಾಹನಗಳಲ್ಲಿ ಬಿಡಬೇಡಿ. ವೃದ್ಧರು, ಗರ್ಭಿಣಿಯರು ಮತ್ತು ದೀರ್ಘಕಾಲಿಕ ಕಾಯಿಲೆ ಇರುವವರು ಹೆಚ್ಚಿನ ಎಚ್ಚರಿಕೆ ವಹಿಸಬೇಕು. ತುರ್ತು ಸಂದರ್ಭದಲ್ಲಿ ಹತ್ತಿರದ ಆರೋಗ್ಯ ಕೇಂದ್ರವನ್ನು ಸಂಪರ್ಕಿಸಿ ಅಥವಾ 108 ಗೆ ಕರೆ ಮಾಡಿ ಎಂದು ಜಿಲ್ಲಾ ಆರೋಗ್ಯ ಮತ್ತು ಕುಟುಂಬ ಕಲ್ಯಾಣಾಧಿಕಾರಿಗಳು ತಿಳಿಸಿದ್ದಾರೆ. ಭಾರತ ಹವಾಮಾನ ಇಲಾಖೆ (ಐಎಂಡಿ) ಯು 2025ರ ಸಾಲಿನ ಬೇಸಿಗೆ ಅವಧಿಯಲ್ಲಿ (ಮಾರ್ಚ್‌ನಿಂದ ಮೇ) ಜಿಲ್ಲೆಯಲ್ಲಿ ಬಿಸಿಗಾಳಿ ಹೆಚ್ಚಾಗುವ ಸಾಧ್ಯತೆ ಇರುವುದರಿಂದ ಸಾರ್ವಜನಿಕರು ಮುನ್ನೆಚ್ಚರಿಕೆ ವಹಿಸಬೇಕು. ಈ ಬಿಸಿಲಿನಿಂದ ಹೀಟ್ ವೇವ್ (ಶಾಖದ ಅಲೆ) ಸ್ಟ್ರೋಕ್ ಮತ್ತು ನಿರ್ಜಲೀಕರಣ ಉಂಟಾಗುವ ಸಾಧ್ಯತೆ ಇರುತ್ತದೆ. ಮಧ್ಯಾಹ್ನ 12.00 ರಿಂದ 3.00 ಗಂಟೆಯವರೆಗೆ ಬಿಸಿಲಿನಲ್ಲಿ ಓಡಾಡುವುದನ್ನು ತಪ್ಪಿಸಬೇಕು. ಅತೀ ಹೆಚ್ಚು ತಾಪಮಾನದಿಂದ ಉಂಟಾಗುವ ಆರೋಗ್ಯ ಸಮಸ್ಯೆಗಳು: ತಲೆನೋವು, ತಲೆ ಸುತ್ತುವಿಕೆ, ವಾಕರಿಕೆ, ವಾಂತಿ, ಅತಿಯಾದ ಬಾಯಾರಿಕೆ, ಮೂರ್ಛೆ ಹೋಗುವುದು. ಸಾಕಷ್ಟು ನೀರು ಕುಡಿಯಿರಿ, ಹತ್ತಿಯ ತಿಳಿ ಬಣ್ಣದ ಬಟ್ಟೆ ಧರಿಸಿ, ಛತ್ರಿ ಮತ್ತು ಟೋಪಿ ಬಳಸಿ. ಒ.ಆರ್.ಎಸ್, ಮನೆಯಲ್ಲಿ ತಯಾರಿಸಿದ ಲಸ್ಸಿ, ನಿಂಬೆ ಪಾನಕ, ಮಜ್ಜಿಗೆ, ಎಳನೀರು ಸೇವಿಸಿ. ಮಕ್ಕಳು ಮತ್ತು ಸಾಕು ಪ್ರಾಣಿಗಳನ್ನು ನಿಲ್ಲಿಸಿದ ವಾಹನಗಳಲ್ಲಿ ಬಿಡಬೇಡಿ. ವೃದ್ಧರು, ಗರ್ಭಿಣಿಯರು ಮತ್ತು ದೀರ್ಘಕಾಲಿಕ ಕಾಯಿಲೆ ಇರುವವರು ಹೆಚ್ಚಿನ ಎಚ್ಚರಿಕೆ ವಹಿಸಬೇಕು. ತುರ್ತು ಸಂದರ್ಭದಲ್ಲಿ ಹತ್ತಿರದ ಆರೋಗ್ಯ ಕೇಂದ್ರವನ್ನು ಸಂಪರ್ಕಿಸಿ ಅಥವಾ 108 ಗೆ ಕರೆ ಮಾಡಿ ಎಂದು ಜಿಲ್ಲಾ ಆರೋಗ್ಯ ಮತ್ತು ಕುಟುಂಬ ಕಲ್ಯಾಣಾಧಿಕಾರಿಗಳು ತಿಳಿಸಿದ್ದಾರೆ.
ಅಗ್ನಿಬನ್ನಿರಾಯಸ್ವಾಮಿ ವಿವರ ಪುರಾಣಮೂಲ ಸಿದ್ಧಾಂತದಿಂದ ಆರಂಭ
ರಾಮನಗರ: ಜಗತ್ತಿನಲ್ಲಿ ಜನಾಂಗೀಯ ಅಧ್ಯಯನದ ನೆಲೆಗಳು ಹಲವು ಸಿದ್ಧಾಂತಗಳ ಮೇಲೆ ರೂಪಿತವಾಗಿವೆ. ಸೃಷ್ಟಿಮೂಲ ಸಿದ್ಧಾಂತ, ಕುಲಮೂಲ ಸಿದ್ಧಾಂತ, ಪುರಾಣಮೂಲ ಸಿದ್ಧಾಂತ ಇತ್ಯಾದಿ. ಅಗ್ನಿಬನ್ನಿರಾಯಸ್ವಾಮಿ ಅವರ ವಿವರ ಪುರಾಣಮೂಲ ಸಿದ್ಧಾಂತದಿಂದ ಆರಂಭವಾಗುತ್ತದೆ ಎಂದು ಉಪನ್ಯಾಸಕರು ತಿಳಿಸಿದರು. ಜಿಲ್ಲಾಡಳಿತ ಹಾಗೂ ಕನ್ನಡ ಮತ್ತು ಸಂಸ್ಕೃತಿ ಇಲಾಖೆ ವತಿಯಿಂದ ಜಿಲ್ಲಾಡಳಿತ ಭವನದ ಸಭಾಂಗಣದಲ್ಲಿ ಆಯೋಜಿಸಿದ್ದ ಅಗ್ನಿಬನ್ನಿರಾಯಸ್ವಾಮಿ ಜಯಂತಿ ಕಾರ್ಯಕ್ರಮದಲ್ಲಿ ಮುಖ್ಯ ಭಾಷಣಕಾರರಾಗಿ ಮಾತನಾಡಿದರು. ತಿಗಳ ಸಮುದಾಯವು ಕೃಷಿ ಮತ್ತು ತೋಟಗಾರಿಕೆಯಲ್ಲಿ ಪರಿಣತಿ ಹೊಂದಿದ್ದು ಶ್ರಮಜೀವಿ ಸಮುದಾಯವಾಗಿದೆ. ಬೆಂಗಳೂರು ಕರಗ ಮಹೋತ್ಸವ ಈ ಸಮುದಾಯದ ಪ್ರಮುಖ ಆಚರಣೆಯಾಗಿದೆ. ದ್ರೌಪದಿ ದೇವಿಯ ಆರಾಧನೆ, ವೀರಕುಮಾರರ ಸಂಪ್ರದಾಯ ಇವರ ಸಾಂಸ್ಕೃತಿಕ ಹಿರಿಮೆಯನ್ನು ಸಾರುತ್ತದೆ. ಈ ಸಂದರ್ಭದಲ್ಲಿ ಅಪರ ಜಿಲ್ಲಾಧಿಕಾರಿಗಳು, ಕನ್ನಡ ಮತ್ತು ಸಂಸ್ಕೃತಿ ಇಲಾಖೆಯ ಸಹಾಯಕ ನಿರ್ದೇಶಕರು, ಸಮುದಾಯದ ಮುಖಂಡರು ಹಾಗೂ ಸಾರ್ವಜನಿಕರು ಉಪಸ್ಥಿತರಿದ್ದರು.
ಜಗತ್ತಿನಲ್ಲಿ ಜನಾಂಗೀಯ ಅಧ್ಯಯನದ ನೆಲೆಗಳು ಹಲವು ಸಿದ್ಧಾಂತಗಳ ಮೇಲೆ ರೂಪಿತವಾಗಿವೆ. ಸೃಷ್ಟಿಮೂಲ ಸಿದ್ಧಾಂತ, ಕುಲಮೂಲ ಸಿದ್ಧಾಂತ, ಪುರಾಣಮೂಲ ಸಿದ್ಧಾಂತ ಇತ್ಯಾದಿ. ಅಗ್ನಿಬನ್ನಿರಾಯಸ್ವಾಮಿ ಅವರ ವಿವರ ಪುರಾಣಮೂಲ ಸಿದ್ಧಾಂತದಿಂದ ಆರಂಭವಾಗುತ್ತದೆ ಎಂದು ಉಪನ್ಯಾಸಕರು ತಿಳಿಸಿದರು. ಜಿಲ್ಲಾಡಳಿತ ಹಾಗೂ ಕನ್ನಡ ಮತ್ತು ಸಂಸ್ಕೃತಿ ಇಲಾಖೆ ವತಿಯಿಂದ ಜಿಲ್ಲಾಡಳಿತ ಭವನದ ಸಭಾಂಗಣದಲ್ಲಿ ಆಯೋಜಿಸಿದ್ದ ಅಗ್ನಿಬನ್ನಿರಾಯಸ್ವಾಮಿ ಜಯಂತಿ ಕಾರ್ಯಕ್ರಮದಲ್ಲಿ ಮುಖ್ಯ ಭಾಷಣಕಾರರಾಗಿ ಮಾತನಾಡಿದರು. ತಿಗಳ ಸಮುದಾಯವು ಕೃಷಿ ಮತ್ತು ತೋಟಗಾರಿಕೆಯಲ್ಲಿ ಪರಿಣತಿ ಹೊಂದಿದ್ದು ಶ್ರಮಜೀವಿ ಸಮುದಾಯವಾಗಿದೆ. ಬೆಂಗಳೂರು ಕರಗ ಮಹೋತ್ಸವ ಈ ಸಮುದಾಯದ ಪ್ರಮುಖ ಆಚರಣೆಯಾಗಿದೆ. ದ್ರೌಪದಿ ದೇವಿಯ ಆರಾಧನೆ, ವೀರಕುಮಾರರ ಸಂಪ್ರದಾಯ ಇವರ ಸಾಂಸ್ಕೃತಿಕ ಹಿರಿಮೆಯನ್ನು ಸಾರುತ್ತದೆ. ಈ ಸಂದರ್ಭದಲ್ಲಿ ಅಪರ ಜಿಲ್ಲಾಧಿಕಾರಿಗಳು, ಕನ್ನಡ ಮತ್ತು ಸಂಸ್ಕೃತಿ ಇಲಾಖೆಯ ಸಹಾಯಕ ನಿರ್ದೇಶಕರು, ಸಮುದಾಯದ ಮುಖಂಡರು ಹಾಗೂ ಸಾರ್ವಜನಿಕರು ಉಪಸ್ಥಿತರಿದ್ದರು.
ಜಗತ್ತಿನಲ್ಲಿ ಜನಾಂಗೀಯ ಅಧ್ಯಯನದ ನೆಲೆಗಳು ಹಲವು ಸಿದ್ಧಾಂತಗಳ ಮೇಲೆ ರೂಪಿತವಾಗಿವೆ. ಸೃಷ್ಟಿಮೂಲ ಸಿದ್ಧಾಂತ, ಕುಲಮೂಲ ಸಿದ್ಧಾಂತ, ಪುರಾಣಮೂಲ ಸಿದ್ಧಾಂತ ಇತ್ಯಾದಿ. ಅಗ್ನಿಬನ್ನಿರಾಯಸ್ವಾಮಿ ಅವರ ವಿವರ ಪುರಾಣಮೂಲ ಸಿದ್ಧಾಂತದಿಂದ ಆರಂಭವಾಗುತ್ತದೆ ಎಂದು ಉಪನ್ಯಾಸಕರು ತಿಳಿಸಿದರು. ಜಿಲ್ಲಾಡಳಿತ ಹಾಗೂ ಕನ್ನಡ ಮತ್ತು ಸಂಸ್ಕೃತಿ ಇಲಾಖೆ ವತಿಯಿಂದ ಜಿಲ್ಲಾಡಳಿತ ಭವನದ ಸಭಾಂಗಣದಲ್ಲಿ ಆಯೋಜಿಸಿದ್ದ ಅಗ್ನಿಬನ್ನಿರಾಯಸ್ವಾಮಿ ಜಯಂತಿ ಕಾರ್ಯಕ್ರಮದಲ್ಲಿ ಮುಖ್ಯ ಭಾಷಣಕಾರರಾಗಿ ಮಾತನಾಡಿದರು. ತಿಗಳ ಸಮುದಾಯವು ಕೃಷಿ ಮತ್ತು ತೋಟಗಾರಿಕೆಯಲ್ಲಿ ಪರಿಣತಿ ಹೊಂದಿದ್ದು ಶ್ರಮಜೀವಿ ಸಮುದಾಯವಾಗಿದೆ. ಬೆಂಗಳೂರು ಕರಗ ಮಹೋತ್ಸವ ಈ ಸಮುದಾಯದ ಪ್ರಮುಖ ಆಚರಣೆಯಾಗಿದೆ. ದ್ರೌಪದಿ ದೇವಿಯ ಆರಾಧನೆ, ವೀರಕುಮಾರರ ಸಂಪ್ರದಾಯ ಇವರ ಸಾಂಸ್ಕೃತಿಕ ಹಿರಿಮೆಯನ್ನು ಸಾರುತ್ತದೆ. ಈ ಸಂದರ್ಭದಲ್ಲಿ ಅಪರ ಜಿಲ್ಲಾಧಿಕಾರಿಗಳು, ಕನ್ನಡ ಮತ್ತು ಸಂಸ್ಕೃತಿ ಇಲಾಖೆಯ ಸಹಾಯಕ ನಿರ್ದೇಶಕರು, ಸಮುದಾಯದ ಮುಖಂಡರು ಹಾಗೂ ಸಾರ್ವಜನಿಕರು ಉಪಸ್ಥಿತರಿದ್ದರು.
